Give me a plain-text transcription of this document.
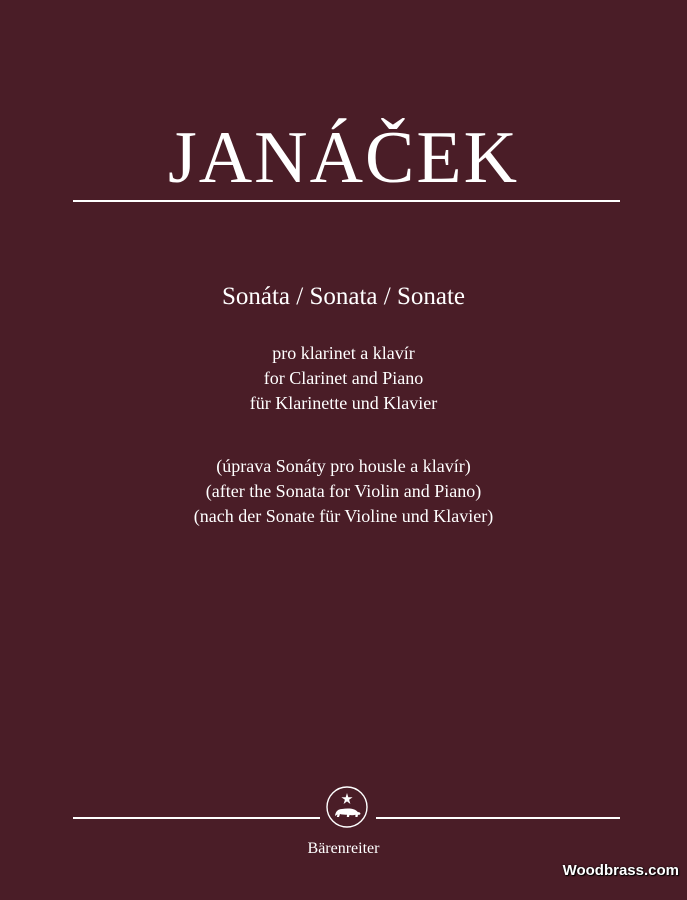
JANÁČEK
Sonáta / Sonata / Sonate
pro klarinet a klavír
for Clarinet and Piano
für Klarinette und Klavier
(úprava Sonáty pro housle a klavír)
(after the Sonata for Violin and Piano)
(nach der Sonate für Violine und Klavier)
Bärenreiter
Woodbrass.com
